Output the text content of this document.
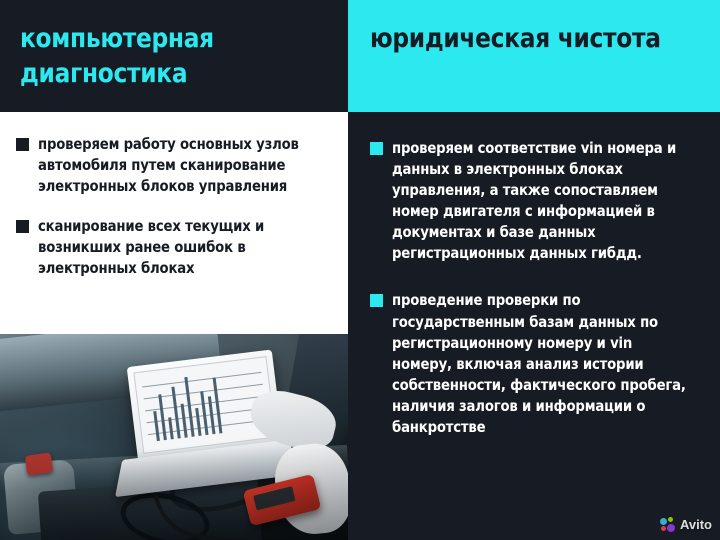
компьютерная диагностика
проверяем работу основных узлов автомобиля путем сканирование электронных блоков управления
сканирование всех текущих и возникших ранее ошибок в электронных блоках
юридическая чистота
проверяем соответствие vin номера и данных в электронных блоках управления, а также сопоставляем номер двигателя с информацией в документах и базе данных регистрационных данных гибдд.
проведение проверки по государственным базам данных по регистрационному номеру и vin номеру, включая анализ истории собственности, фактического пробега, наличия залогов и информации о банкротстве
Avito
